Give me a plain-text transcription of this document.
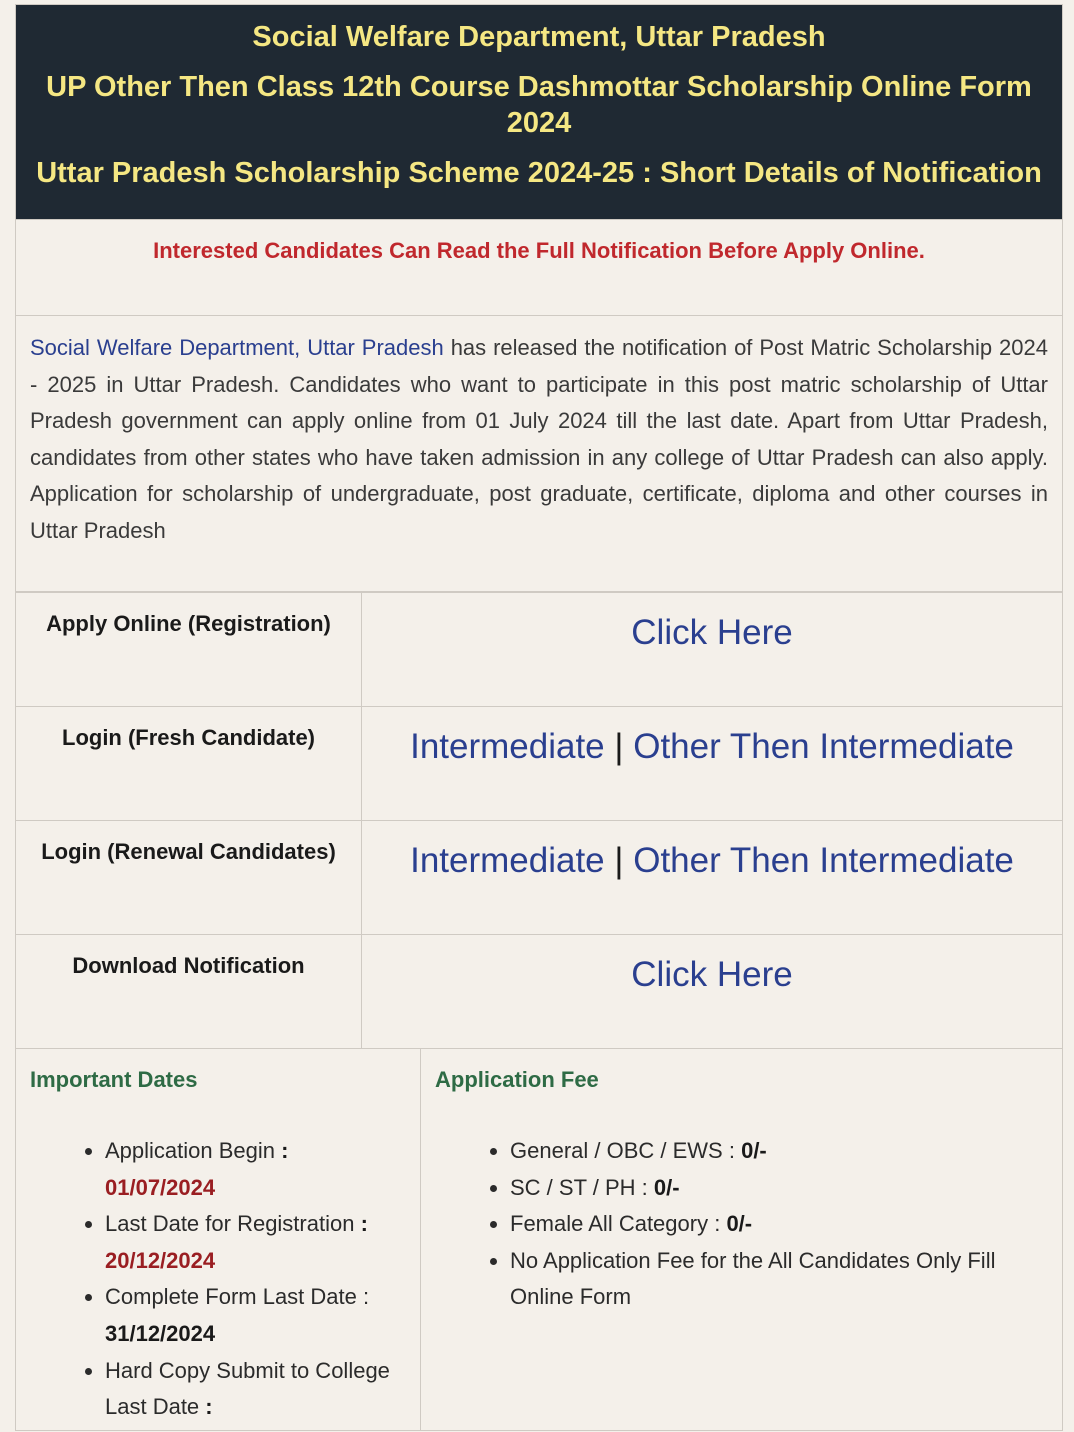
Social Welfare Department, Uttar Pradesh
UP Other Then Class 12th Course Dashmottar Scholarship Online Form 2024
Uttar Pradesh Scholarship Scheme 2024-25 : Short Details of Notification
Interested Candidates Can Read the Full Notification Before Apply Online.
Social Welfare Department, Uttar Pradesh has released the notification of Post Matric Scholarship 2024 - 2025 in Uttar Pradesh. Candidates who want to participate in this post matric scholarship of Uttar Pradesh government can apply online from 01 July 2024 till the last date. Apart from Uttar Pradesh, candidates from other states who have taken admission in any college of Uttar Pradesh can also apply. Application for scholarship of undergraduate, post graduate, certificate, diploma and other courses in Uttar Pradesh
Apply Online (Registration)	Click Here
Login (Fresh Candidate)	Intermediate | Other Then Intermediate
Login (Renewal Candidates)	Intermediate | Other Then Intermediate
Download Notification	Click Here
Important Dates
• Application Begin :
01/07/2024
• Last Date for Registration :
20/12/2024
• Complete Form Last Date :
31/12/2024
• Hard Copy Submit to College Last Date :
Application Fee
• General / OBC / EWS : 0/-
• SC / ST / PH : 0/-
• Female All Category : 0/-
• No Application Fee for the All Candidates Only Fill Online Form
